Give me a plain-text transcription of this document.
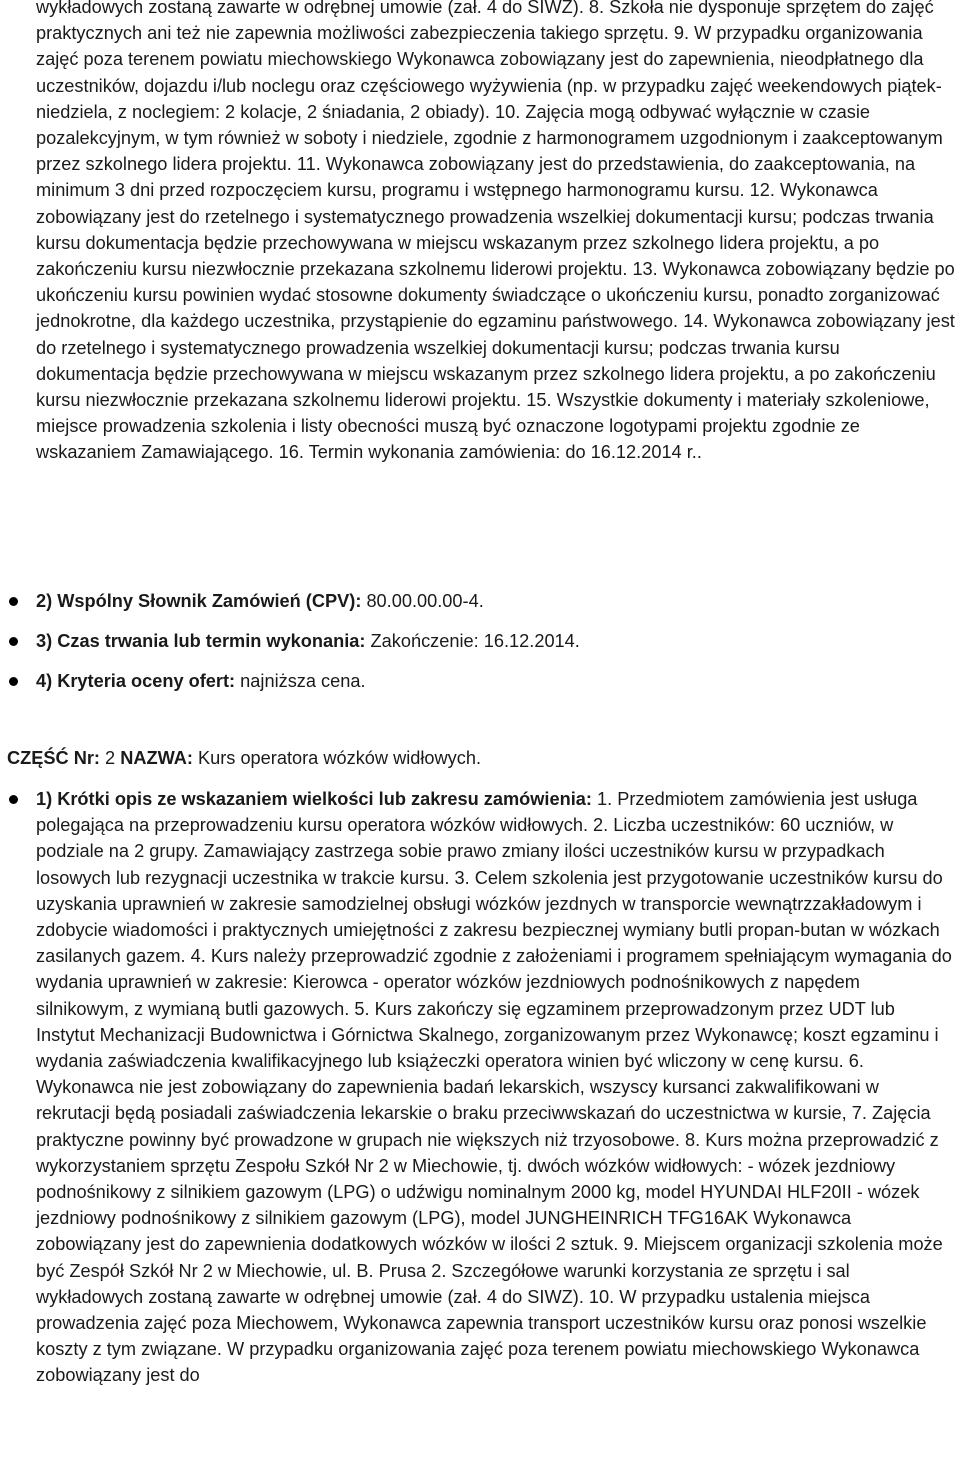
wykładowych zostaną zawarte w odrębnej umowie (zał. 4 do SIWZ). 8. Szkoła nie dysponuje sprzętem do zajęć praktycznych ani też nie zapewnia możliwości zabezpieczenia takiego sprzętu. 9. W przypadku organizowania zajęć poza terenem powiatu miechowskiego Wykonawca zobowiązany jest do zapewnienia, nieodpłatnego dla uczestników, dojazdu i/lub noclegu oraz częściowego wyżywienia (np. w przypadku zajęć weekendowych piątek-niedziela, z noclegiem: 2 kolacje, 2 śniadania, 2 obiady). 10. Zajęcia mogą odbywać wyłącznie w czasie pozalekcyjnym, w tym również w soboty i niedziele, zgodnie z harmonogramem uzgodnionym i zaakceptowanym przez szkolnego lidera projektu. 11. Wykonawca zobowiązany jest do przedstawienia, do zaakceptowania, na minimum 3 dni przed rozpoczęciem kursu, programu i wstępnego harmonogramu kursu. 12. Wykonawca zobowiązany jest do rzetelnego i systematycznego prowadzenia wszelkiej dokumentacji kursu; podczas trwania kursu dokumentacja będzie przechowywana w miejscu wskazanym przez szkolnego lidera projektu, a po zakończeniu kursu niezwłocznie przekazana szkolnemu liderowi projektu. 13. Wykonawca zobowiązany będzie po ukończeniu kursu powinien wydać stosowne dokumenty świadczące o ukończeniu kursu, ponadto zorganizować jednokrotne, dla każdego uczestnika, przystąpienie do egzaminu państwowego. 14. Wykonawca zobowiązany jest do rzetelnego i systematycznego prowadzenia wszelkiej dokumentacji kursu; podczas trwania kursu dokumentacja będzie przechowywana w miejscu wskazanym przez szkolnego lidera projektu, a po zakończeniu kursu niezwłocznie przekazana szkolnemu liderowi projektu. 15. Wszystkie dokumenty i materiały szkoleniowe, miejsce prowadzenia szkolenia i listy obecności muszą być oznaczone logotypami projektu zgodnie ze wskazaniem Zamawiającego. 16. Termin wykonania zamówienia: do 16.12.2014 r..

2) Wspólny Słownik Zamówień (CPV): 80.00.00.00-4.
3) Czas trwania lub termin wykonania: Zakończenie: 16.12.2014.
4) Kryteria oceny ofert: najniższa cena.

CZĘŚĆ Nr: 2 NAZWA: Kurs operatora wózków widłowych.

1) Krótki opis ze wskazaniem wielkości lub zakresu zamówienia: 1. Przedmiotem zamówienia jest usługa polegająca na przeprowadzeniu kursu operatora wózków widłowych. 2. Liczba uczestników: 60 uczniów, w podziale na 2 grupy. Zamawiający zastrzega sobie prawo zmiany ilości uczestników kursu w przypadkach losowych lub rezygnacji uczestnika w trakcie kursu. 3. Celem szkolenia jest przygotowanie uczestników kursu do uzyskania uprawnień w zakresie samodzielnej obsługi wózków jezdnych w transporcie wewnątrzzakładowym i zdobycie wiadomości i praktycznych umiejętności z zakresu bezpiecznej wymiany butli propan-butan w wózkach zasilanych gazem. 4. Kurs należy przeprowadzić zgodnie z założeniami i programem spełniającym wymagania do wydania uprawnień w zakresie: Kierowca - operator wózków jezdniowych podnośnikowych z napędem silnikowym, z wymianą butli gazowych. 5. Kurs zakończy się egzaminem przeprowadzonym przez UDT lub Instytut Mechanizacji Budownictwa i Górnictwa Skalnego, zorganizowanym przez Wykonawcę; koszt egzaminu i wydania zaświadczenia kwalifikacyjnego lub książeczki operatora winien być wliczony w cenę kursu. 6. Wykonawca nie jest zobowiązany do zapewnienia badań lekarskich, wszyscy kursanci zakwalifikowani w rekrutacji będą posiadali zaświadczenia lekarskie o braku przeciwwskazań do uczestnictwa w kursie, 7. Zajęcia praktyczne powinny być prowadzone w grupach nie większych niż trzyosobowe. 8. Kurs można przeprowadzić z wykorzystaniem sprzętu Zespołu Szkół Nr 2 w Miechowie, tj. dwóch wózków widłowych: - wózek jezdniowy podnośnikowy z silnikiem gazowym (LPG) o udźwigu nominalnym 2000 kg, model HYUNDAI HLF20II - wózek jezdniowy podnośnikowy z silnikiem gazowym (LPG), model JUNGHEINRICH TFG16AK Wykonawca zobowiązany jest do zapewnienia dodatkowych wózków w ilości 2 sztuk. 9. Miejscem organizacji szkolenia może być Zespół Szkół Nr 2 w Miechowie, ul. B. Prusa 2. Szczegółowe warunki korzystania ze sprzętu i sal wykładowych zostaną zawarte w odrębnej umowie (zał. 4 do SIWZ). 10. W przypadku ustalenia miejsca prowadzenia zajęć poza Miechowem, Wykonawca zapewnia transport uczestników kursu oraz ponosi wszelkie koszty z tym związane. W przypadku organizowania zajęć poza terenem powiatu miechowskiego Wykonawca zobowiązany jest do
